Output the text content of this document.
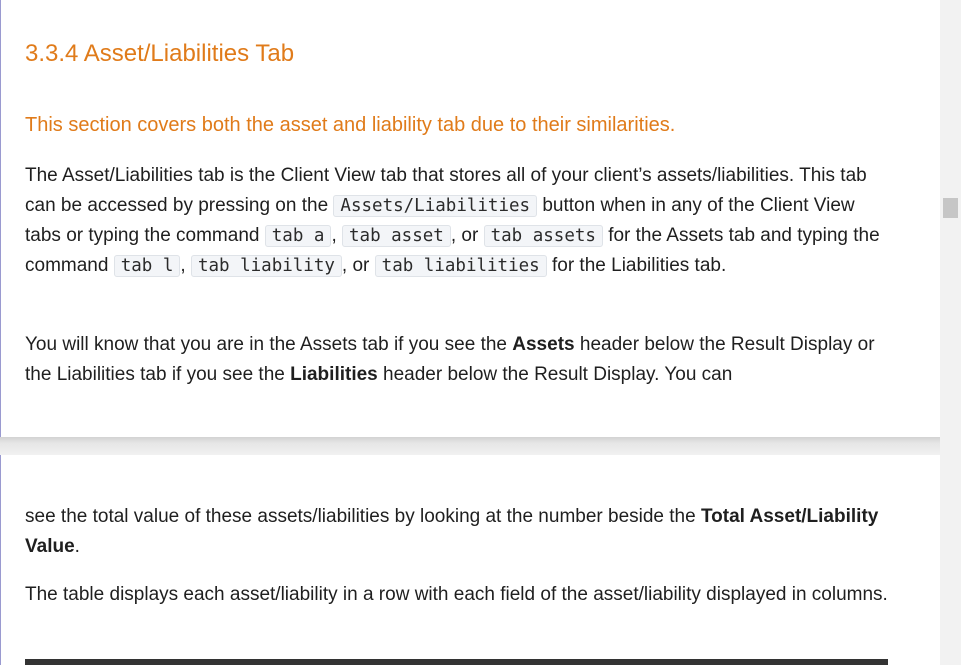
3.3.4 Asset/Liabilities Tab

This section covers both the asset and liability tab due to their similarities.

The Asset/Liabilities tab is the Client View tab that stores all of your client’s assets/liabilities. This tab can be accessed by pressing on the Assets/Liabilities button when in any of the Client View tabs or typing the command tab a , tab asset , or tab assets for the Assets tab and typing the command tab l , tab liability , or tab liabilities for the Liabilities tab.

You will know that you are in the Assets tab if you see the Assets header below the Result Display or the Liabilities tab if you see the Liabilities header below the Result Display. You can

see the total value of these assets/liabilities by looking at the number beside the Total Asset/Liability Value.

The table displays each asset/liability in a row with each field of the asset/liability displayed in columns.
